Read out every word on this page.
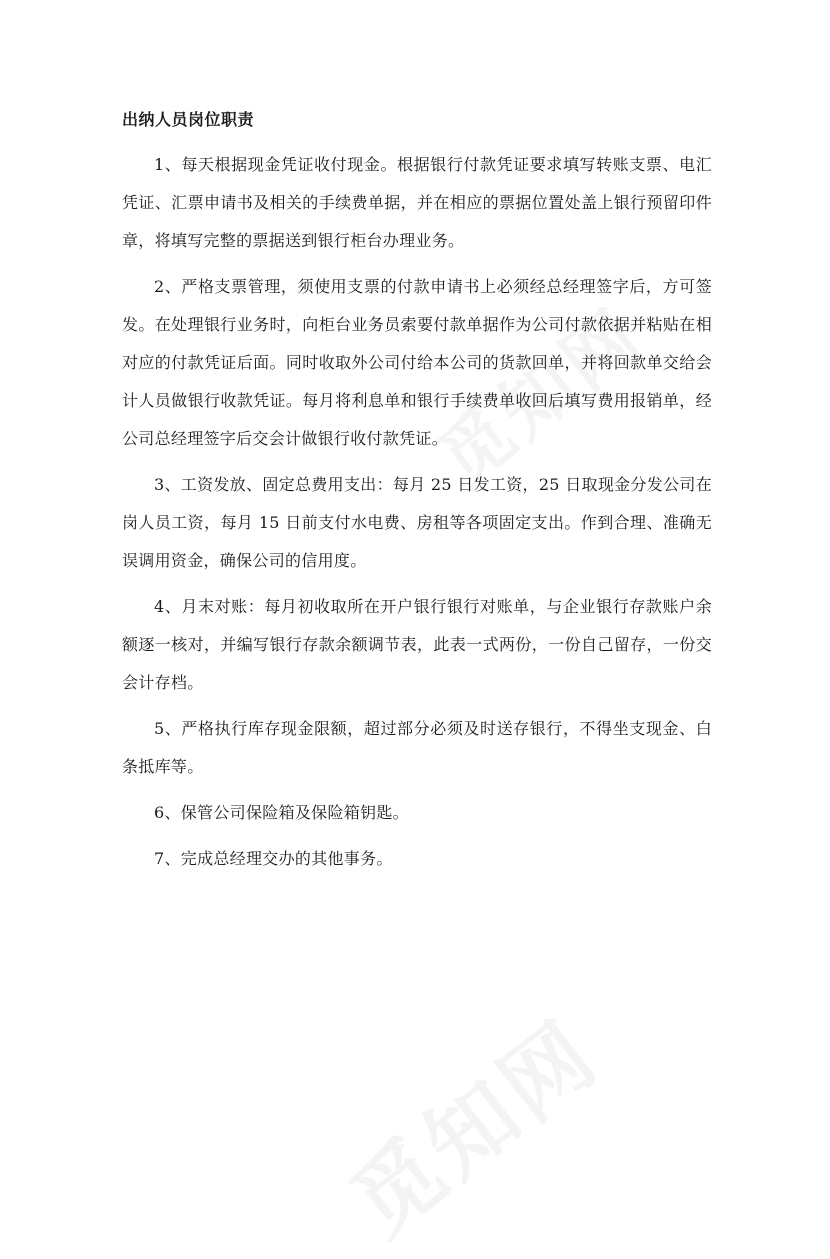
出纳人员岗位职责

1、每天根据现金凭证收付现金。根据银行付款凭证要求填写转账支票、电汇凭证、汇票申请书及相关的手续费单据，并在相应的票据位置处盖上银行预留印件章，将填写完整的票据送到银行柜台办理业务。

2、严格支票管理，须使用支票的付款申请书上必须经总经理签字后，方可签发。在处理银行业务时，向柜台业务员索要付款单据作为公司付款依据并粘贴在相对应的付款凭证后面。同时收取外公司付给本公司的货款回单，并将回款单交给会计人员做银行收款凭证。每月将利息单和银行手续费单收回后填写费用报销单，经公司总经理签字后交会计做银行收付款凭证。

3、工资发放、固定总费用支出：每月 25 日发工资，25 日取现金分发公司在岗人员工资，每月 15 日前支付水电费、房租等各项固定支出。作到合理、准确无误调用资金，确保公司的信用度。

4、月末对账：每月初收取所在开户银行银行对账单，与企业银行存款账户余额逐一核对，并编写银行存款余额调节表，此表一式两份，一份自己留存，一份交会计存档。

5、严格执行库存现金限额，超过部分必须及时送存银行，不得坐支现金、白条抵库等。

6、保管公司保险箱及保险箱钥匙。

7、完成总经理交办的其他事务。
